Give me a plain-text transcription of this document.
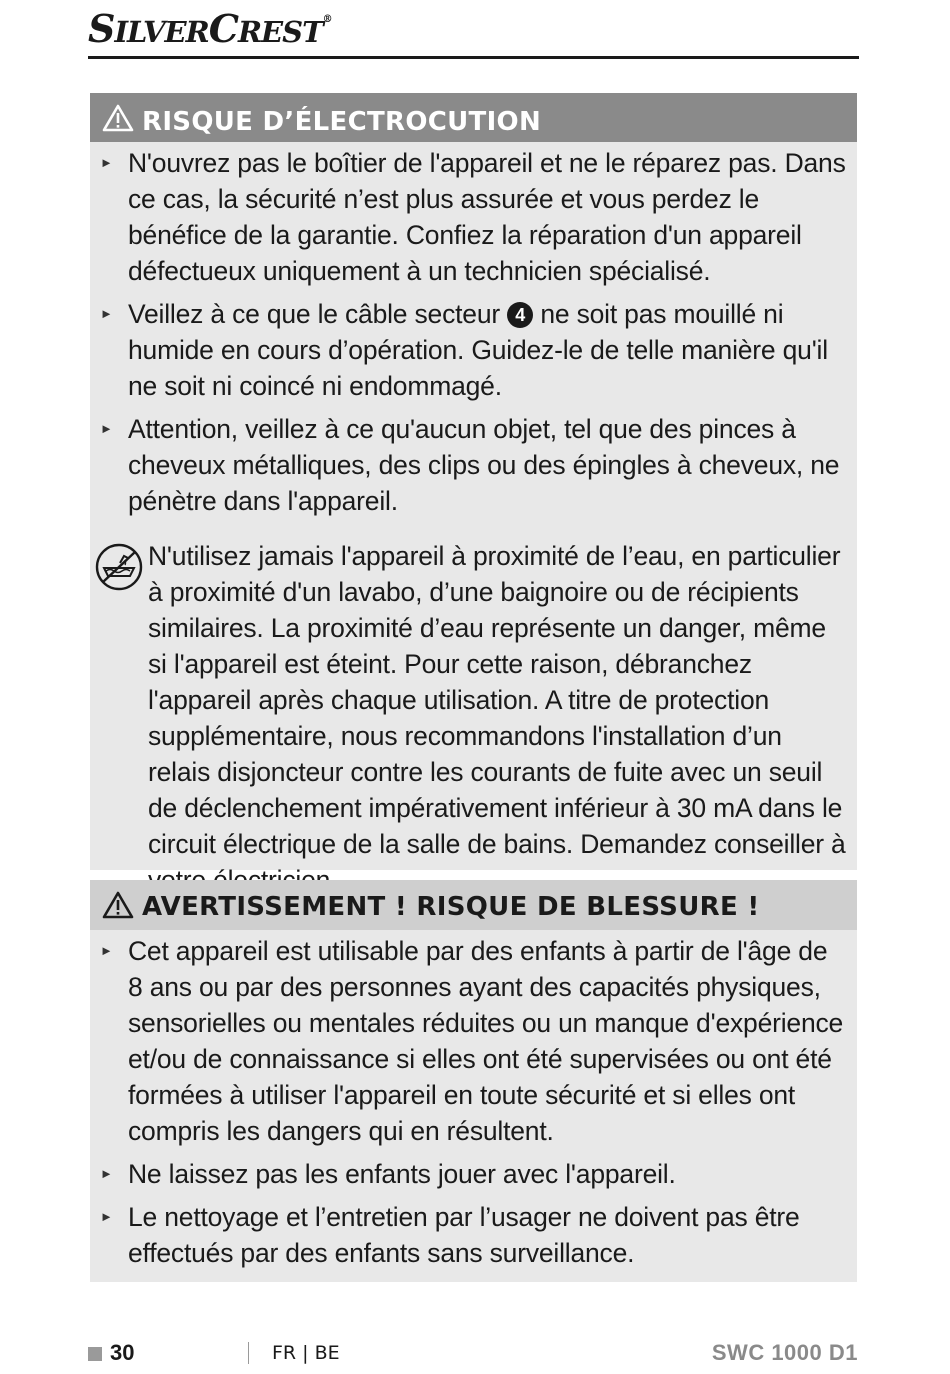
SILVERCREST®
RISQUE D’ÉLECTROCUTION
► N'ouvrez pas le boîtier de l'appareil et ne le réparez pas. Dans ce cas, la sécurité n’est plus assurée et vous perdez le bénéfice de la garantie. Confiez la réparation d'un appareil défectueux uniquement à un technicien spécialisé.
► Veillez à ce que le câble secteur 4 ne soit pas mouillé ni humide en cours d’opération. Guidez-le de telle manière qu'il ne soit ni coincé ni endommagé.
► Attention, veillez à ce qu'aucun objet, tel que des pinces à cheveux métalliques, des clips ou des épingles à cheveux, ne pénètre dans l'appareil.
N'utilisez jamais l'appareil à proximité de l’eau, en particulier à proximité d'un lavabo, d’une baignoire ou de récipients similaires. La proximité d’eau représente un danger, même si l'appareil est éteint. Pour cette raison, débranchez l'appareil après chaque utilisation. A titre de protection supplémentaire, nous recommandons l'installation d’un relais disjoncteur contre les courants de fuite avec un seuil de déclenchement impérativement inférieur à 30 mA dans le circuit électrique de la salle de bains. Demandez conseiller à
AVERTISSEMENT ! RISQUE DE BLESSURE !
► Cet appareil est utilisable par des enfants à partir de l'âge de 8 ans ou par des personnes ayant des capacités physiques, sensorielles ou mentales réduites ou un manque d'expérience et/ou de connaissance si elles ont été supervisées ou ont été formées à utiliser l'appareil en toute sécurité et si elles ont compris les dangers qui en résultent.
► Ne laissez pas les enfants jouer avec l'appareil.
► Le nettoyage et l’entretien par l’usager ne doivent pas être effectués par des enfants sans surveillance.
30	FR | BE	SWC 1000 D1
